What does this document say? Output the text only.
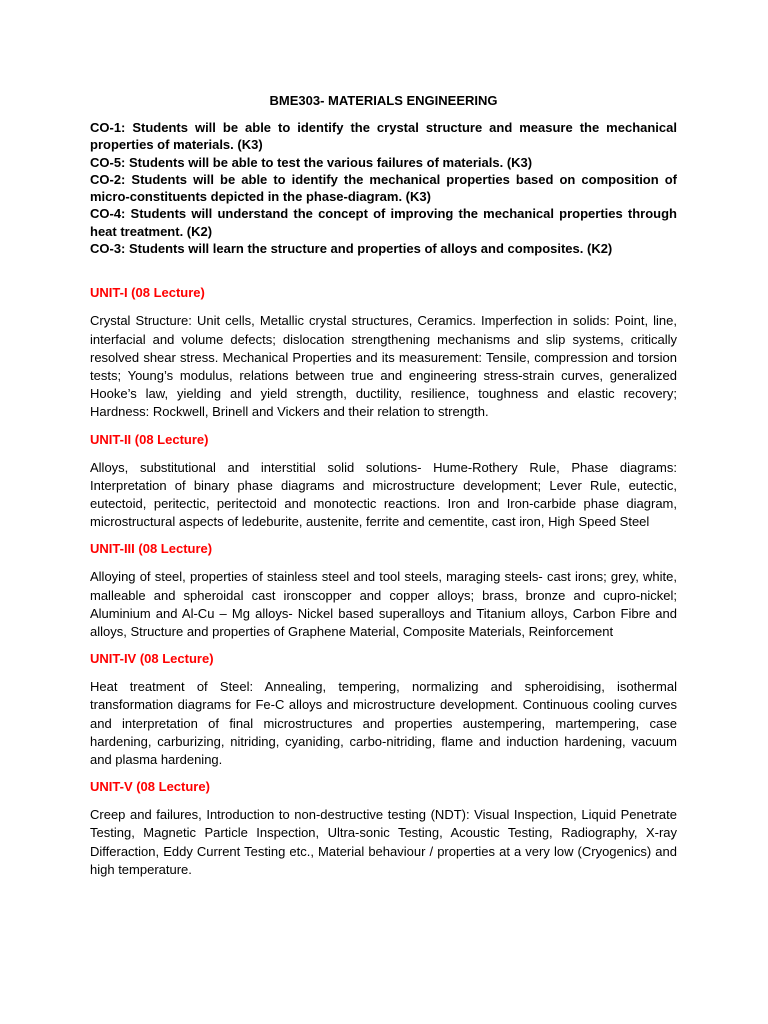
BME303- MATERIALS ENGINEERING

CO-1: Students will be able to identify the crystal structure and measure the mechanical properties of materials. (K3)

CO-5: Students will be able to test the various failures of materials. (K3)

CO-2: Students will be able to identify the mechanical properties based on composition of micro-constituents depicted in the phase-diagram. (K3)

CO-4: Students will understand the concept of improving the mechanical properties through heat treatment. (K2)

CO-3: Students will learn the structure and properties of alloys and composites. (K2)

UNIT-I (08 Lecture)

Crystal Structure: Unit cells, Metallic crystal structures, Ceramics. Imperfection in solids: Point, line, interfacial and volume defects; dislocation strengthening mechanisms and slip systems, critically resolved shear stress. Mechanical Properties and its measurement: Tensile, compression and torsion tests; Young’s modulus, relations between true and engineering stress-strain curves, generalized Hooke’s law, yielding and yield strength, ductility, resilience, toughness and elastic recovery; Hardness: Rockwell, Brinell and Vickers and their relation to strength.

UNIT-II (08 Lecture)

Alloys, substitutional and interstitial solid solutions- Hume-Rothery Rule, Phase diagrams: Interpretation of binary phase diagrams and microstructure development; Lever Rule, eutectic, eutectoid, peritectic, peritectoid and monotectic reactions. Iron and Iron-carbide phase diagram, microstructural aspects of ledeburite, austenite, ferrite and cementite, cast iron, High Speed Steel

UNIT-III (08 Lecture)

Alloying of steel, properties of stainless steel and tool steels, maraging steels- cast irons; grey, white, malleable and spheroidal cast ironscopper and copper alloys; brass, bronze and cupro-nickel; Aluminium and Al-Cu – Mg alloys- Nickel based superalloys and Titanium alloys, Carbon Fibre and alloys, Structure and properties of Graphene Material, Composite Materials, Reinforcement

UNIT-IV (08 Lecture)

Heat treatment of Steel: Annealing, tempering, normalizing and spheroidising, isothermal transformation diagrams for Fe-C alloys and microstructure development. Continuous cooling curves and interpretation of final microstructures and properties austempering, martempering, case hardening, carburizing, nitriding, cyaniding, carbo-nitriding, flame and induction hardening, vacuum and plasma hardening.

UNIT-V (08 Lecture)

Creep and failures, Introduction to non-destructive testing (NDT): Visual Inspection, Liquid Penetrate Testing, Magnetic Particle Inspection, Ultra-sonic Testing, Acoustic Testing, Radiography, X-ray Differaction, Eddy Current Testing etc., Material behaviour / properties at a very low (Cryogenics) and high temperature.
